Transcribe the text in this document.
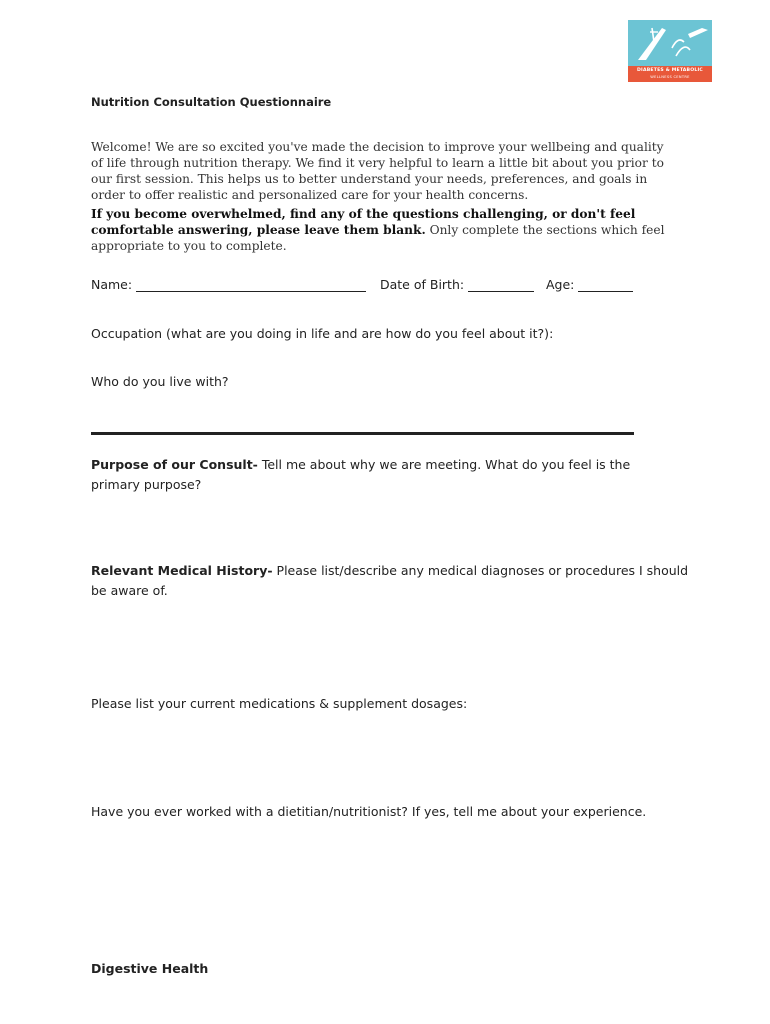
DIABETES & METABOLIC
WELLNESS CENTRE
Nutrition Consultation Questionnaire
Welcome! We are so excited you've made the decision to improve your wellbeing and quality of life through nutrition therapy. We find it very helpful to learn a little bit about you prior to our first session. This helps us to better understand your needs, preferences, and goals in order to offer realistic and personalized care for your health concerns.
If you become overwhelmed, find any of the questions challenging, or don't feel comfortable answering, please leave them blank. Only complete the sections which feel appropriate to you to complete.
Name:	Date of Birth:	Age:
Occupation (what are you doing in life and are how do you feel about it?):
Who do you live with?
Purpose of our Consult- Tell me about why we are meeting. What do you feel is the primary purpose?
Relevant Medical History- Please list/describe any medical diagnoses or procedures I should be aware of.
Please list your current medications & supplement dosages:
Have you ever worked with a dietitian/nutritionist? If yes, tell me about your experience.
Digestive Health
